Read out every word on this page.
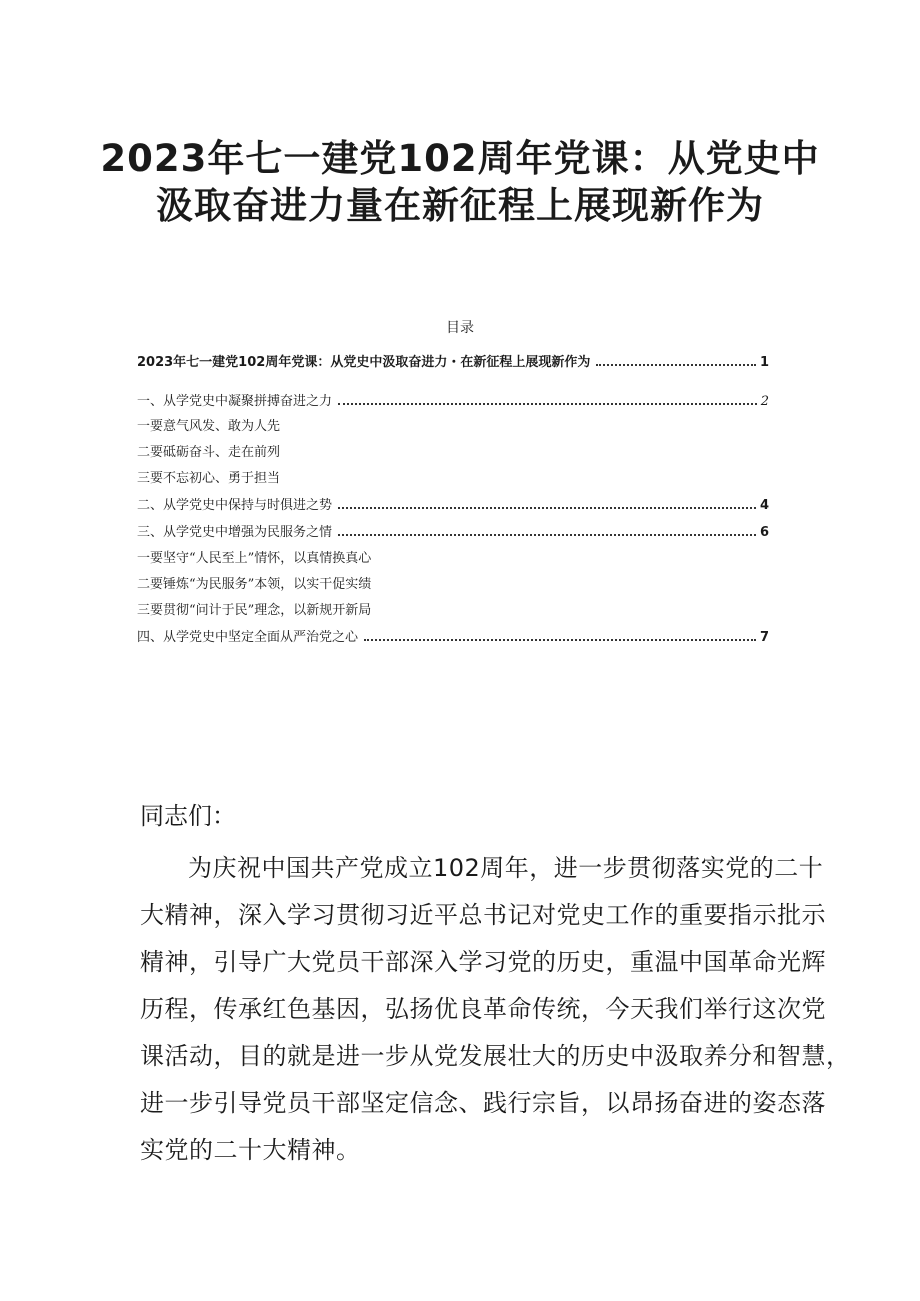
2023年七一建党102周年党课：从党史中
汲取奋进力量在新征程上展现新作为
目录
2023年七一建党102周年党课：从党史中汲取奋进力・在新征程上展现新作为	1
一、从学党史中凝聚拼搏奋进之力	2
一要意气风发、敢为人先
二要砥砺奋斗、走在前列
三要不忘初心、勇于担当
二、从学党史中保持与时俱进之势	4
三、从学党史中增强为民服务之情	6
一要坚守“人民至上”情怀，以真情换真心
二要锤炼“为民服务”本领，以实干促实绩
三要贯彻“问计于民”理念，以新规开新局
四、从学党史中坚定全面从严治党之心	7
同志们：
为庆祝中国共产党成立102周年，进一步贯彻落实党的二十
大精神，深入学习贯彻习近平总书记对党史工作的重要指示批示
精神，引导广大党员干部深入学习党的历史，重温中国革命光辉
历程，传承红色基因，弘扬优良革命传统，今天我们举行这次党
课活动，目的就是进一步从党发展壮大的历史中汲取养分和智慧，
进一步引导党员干部坚定信念、践行宗旨，以昂扬奋进的姿态落
实党的二十大精神。
